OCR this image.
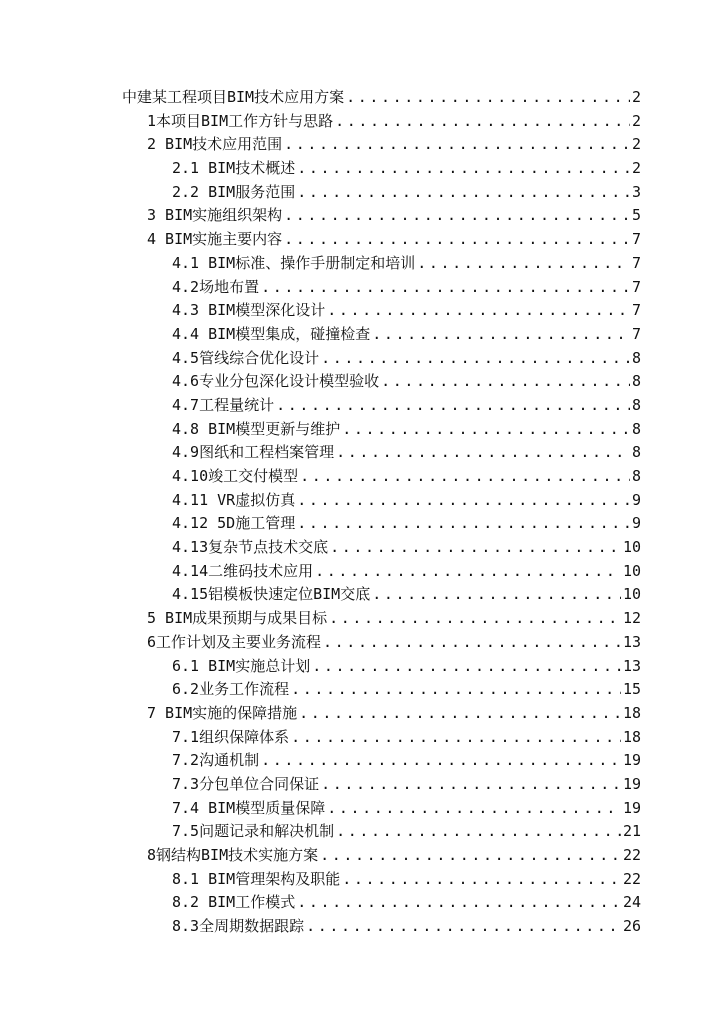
中建某工程项目BIM技术应用方案 .....	2
1本项目BIM工作方针与思路 .....	2
2 BIM技术应用范围 .....	2
2.1 BIM技术概述 .....	2
2.2 BIM服务范围 .....	3
3 BIM实施组织架构 .....	5
4 BIM实施主要内容 .....	7
4.1 BIM标准、操作手册制定和培训 .....	7
4.2场地布置 .....	7
4.3 BIM模型深化设计 .....	7
4.4 BIM模型集成，碰撞检查 .....	7
4.5管线综合优化设计 .....	8
4.6专业分包深化设计模型验收 .....	8
4.7工程量统计 .....	8
4.8 BIM模型更新与维护 .....	8
4.9图纸和工程档案管理 .....	8
4.10竣工交付模型 .....	8
4.11 VR虚拟仿真 .....	9
4.12 5D施工管理 .....	9
4.13复杂节点技术交底 .....	10
4.14二维码技术应用 .....	10
4.15铝模板快速定位BIM交底 .....	10
5 BIM成果预期与成果目标 .....	12
6工作计划及主要业务流程 .....	13
6.1 BIM实施总计划 .....	13
6.2业务工作流程 .....	15
7 BIM实施的保障措施 .....	18
7.1组织保障体系 .....	18
7.2沟通机制 .....	19
7.3分包单位合同保证 .....	19
7.4 BIM模型质量保障 .....	19
7.5问题记录和解决机制 .....	21
8钢结构BIM技术实施方案 .....	22
8.1 BIM管理架构及职能 .....	22
8.2 BIM工作模式 .....	24
8.3全周期数据跟踪 .....	26
